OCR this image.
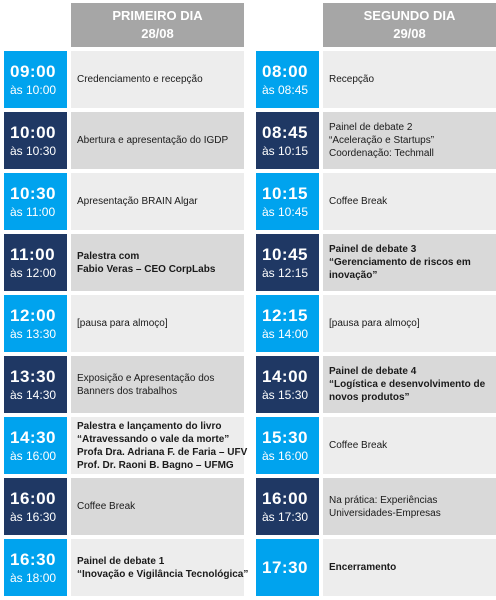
PRIMEIRO DIA
28/08
09:00
às 10:00
Credenciamento e recepção
10:00
às 10:30
Abertura e apresentação do IGDP
10:30
às 11:00
Apresentação BRAIN Algar
11:00
às 12:00
Palestra com
Fabio Veras – CEO CorpLabs
12:00
às 13:30
[pausa para almoço]
13:30
às 14:30
Exposição e Apresentação dos
Banners dos trabalhos
14:30
às 16:00
Palestra e lançamento do livro
“Atravessando o vale da morte”
Profa Dra. Adriana F. de Faria – UFV
Prof. Dr. Raoni B. Bagno – UFMG
16:00
às 16:30
Coffee Break
16:30
às 18:00
Painel de debate 1
“Inovação e Vigilância Tecnológica”
SEGUNDO DIA
29/08
08:00
às 08:45
Recepção
08:45
às 10:15
Painel de debate 2
“Aceleração e Startups”
Coordenação: Techmall
10:15
às 10:45
Coffee Break
10:45
às 12:15
Painel de debate 3
“Gerenciamento de riscos em
inovação”
12:15
às 14:00
[pausa para almoço]
14:00
às 15:30
Painel de debate 4
“Logística e desenvolvimento de
novos produtos”
15:30
às 16:00
Coffee Break
16:00
às 17:30
Na prática: Experiências
Universidades-Empresas
17:30	Encerramento
